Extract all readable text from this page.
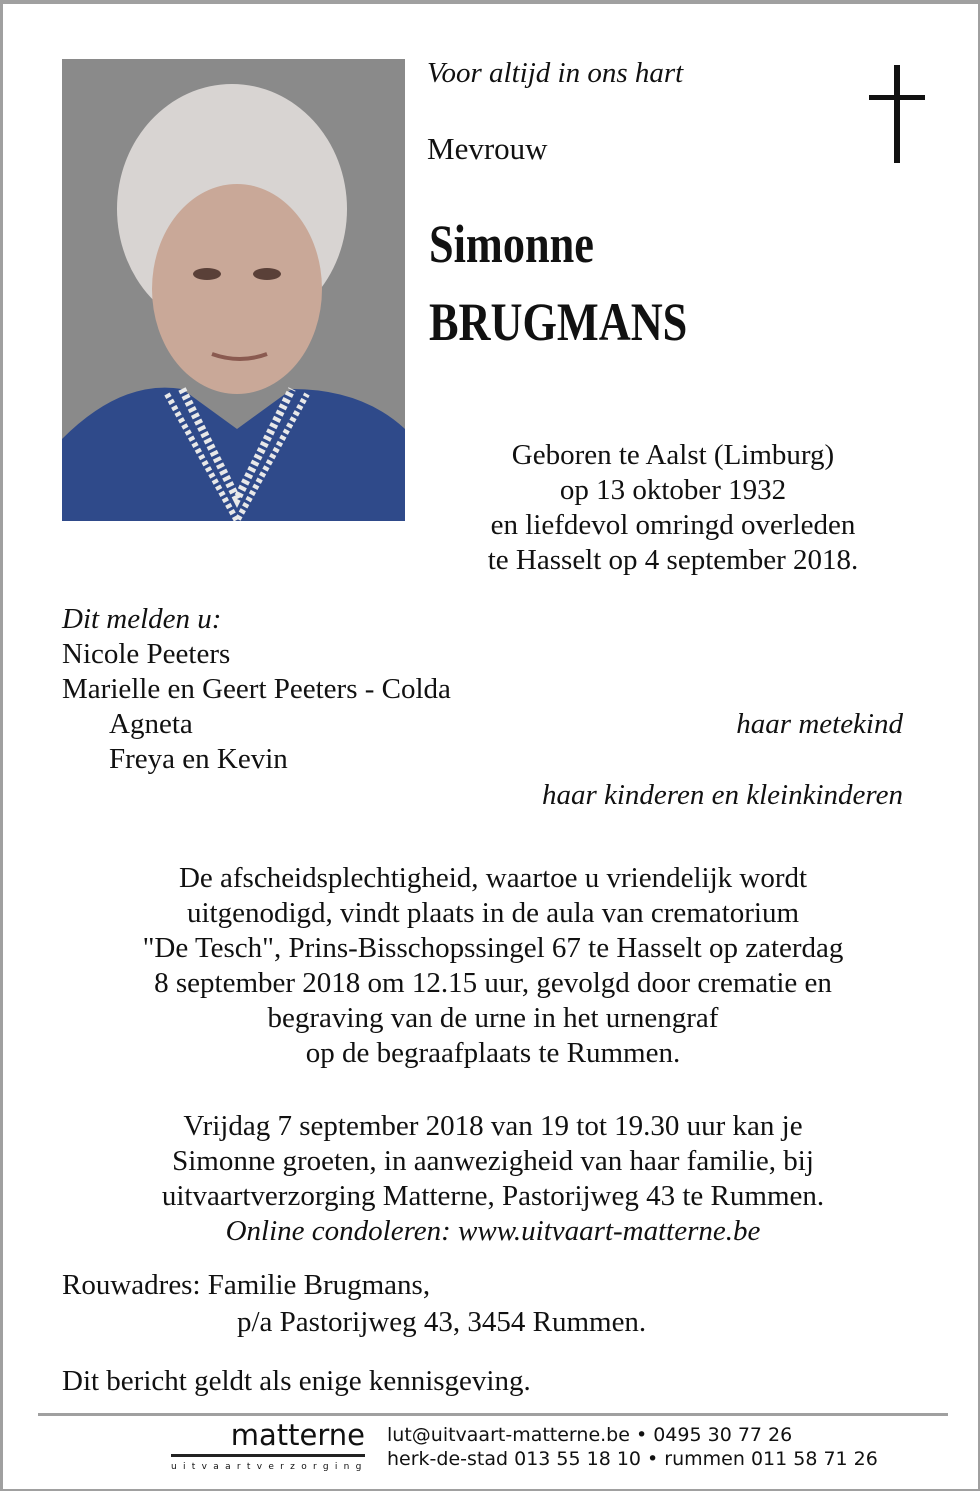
Voor altijd in ons hart
Mevrouw
Simonne
BRUGMANS
Geboren te Aalst (Limburg)
op 13 oktober 1932
en liefdevol omringd overleden
te Hasselt op 4 september 2018.
Dit melden u:
Nicole Peeters
Marielle en Geert Peeters - Colda
Agneta	haar metekind
Freya en Kevin
haar kinderen en kleinkinderen
De afscheidsplechtigheid, waartoe u vriendelijk wordt
uitgenodigd, vindt plaats in de aula van crematorium
"De Tesch", Prins-Bisschopssingel 67 te Hasselt op zaterdag
8 september 2018 om 12.15 uur, gevolgd door crematie en
begraving van de urne in het urnengraf
op de begraafplaats te Rummen.
Vrijdag 7 september 2018 van 19 tot 19.30 uur kan je
Simonne groeten, in aanwezigheid van haar familie, bij
uitvaartverzorging Matterne, Pastorijweg 43 te Rummen.
Online condoleren: www.uitvaart-matterne.be
Rouwadres: Familie Brugmans,
p/a Pastorijweg 43, 3454 Rummen.
Dit bericht geldt als enige kennisgeving.
matterne
uitvaartverzorging
lut@uitvaart-matterne.be • 0495 30 77 26
herk-de-stad 013 55 18 10 • rummen 011 58 71 26
